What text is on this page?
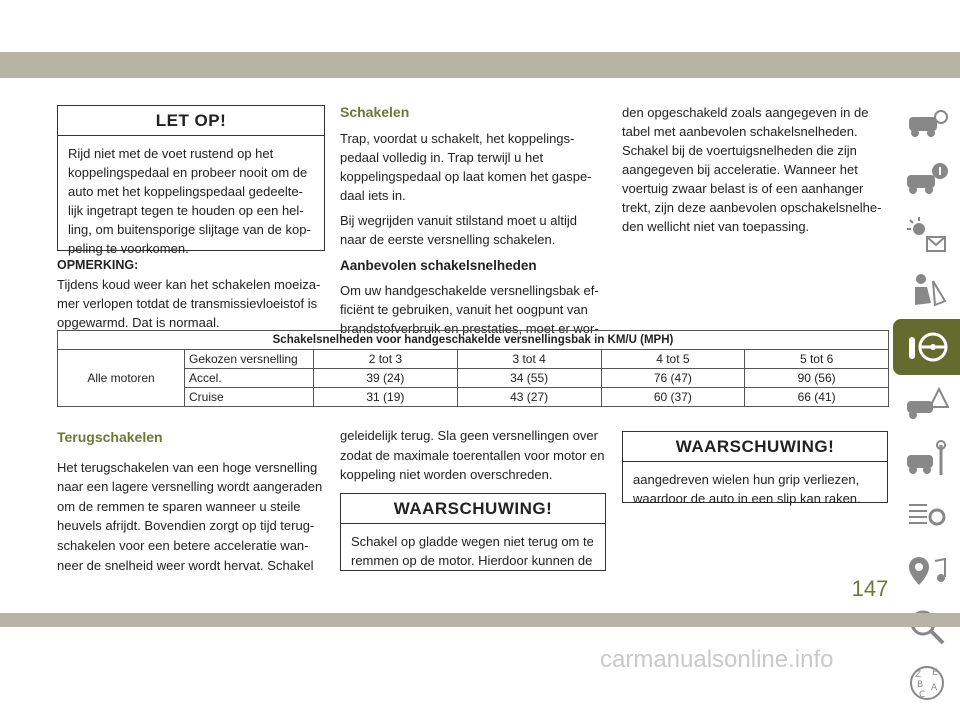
LET OP!
Rijd niet met de voet rustend op het
koppelingspedaal en probeer nooit om de
auto met het koppelingspedaal gedeelte-
lijk ingetrapt tegen te houden op een hel-
ling, om buitensporige slijtage van de kop-
peling te voorkomen.
OPMERKING:
Tijdens koud weer kan het schakelen moeiza-
mer verlopen totdat de transmissievloeistof is
opgewarmd. Dat is normaal.
Schakelen
Trap, voordat u schakelt, het koppelings-
pedaal volledig in. Trap terwijl u het
koppelingspedaal op laat komen het gaspe-
daal iets in.
Bij wegrijden vanuit stilstand moet u altijd
naar de eerste versnelling schakelen.
Aanbevolen schakelsnelheden
Om uw handgeschakelde versnellingsbak ef-
ficiënt te gebruiken, vanuit het oogpunt van
brandstofverbruik en prestaties, moet er wor-
den opgeschakeld zoals aangegeven in de
tabel met aanbevolen schakelsnelheden.
Schakel bij de voertuigsnelheden die zijn
aangegeven bij acceleratie. Wanneer het
voertuig zwaar belast is of een aanhanger
trekt, zijn deze aanbevolen opschakelsnelhe-
den wellicht niet van toepassing.
Schakelsnelheden voor handgeschakelde versnellingsbak in KM/U (MPH)					
Alle motoren	Gekozen versnelling	2 tot 3	3 tot 4	4 tot 5	5 tot 6
	Accel.	39 (24)	34 (55)	76 (47)	90 (56)
	Cruise	31 (19)	43 (27)	60 (37)	66 (41)
Terugschakelen
Het terugschakelen van een hoge versnelling
naar een lagere versnelling wordt aangeraden
om de remmen te sparen wanneer u steile
heuvels afrijdt. Bovendien zorgt op tijd terug-
schakelen voor een betere acceleratie wan-
neer de snelheid weer wordt hervat. Schakel
geleidelijk terug. Sla geen versnellingen over
zodat de maximale toerentallen voor motor en
koppeling niet worden overschreden.
WAARSCHUWING!
Schakel op gladde wegen niet terug om te
remmen op de motor. Hierdoor kunnen de
WAARSCHUWING!
aangedreven wielen hun grip verliezen,
waardoor de auto in een slip kan raken.
Z E
B A
C
147
carmanualsonline.info
